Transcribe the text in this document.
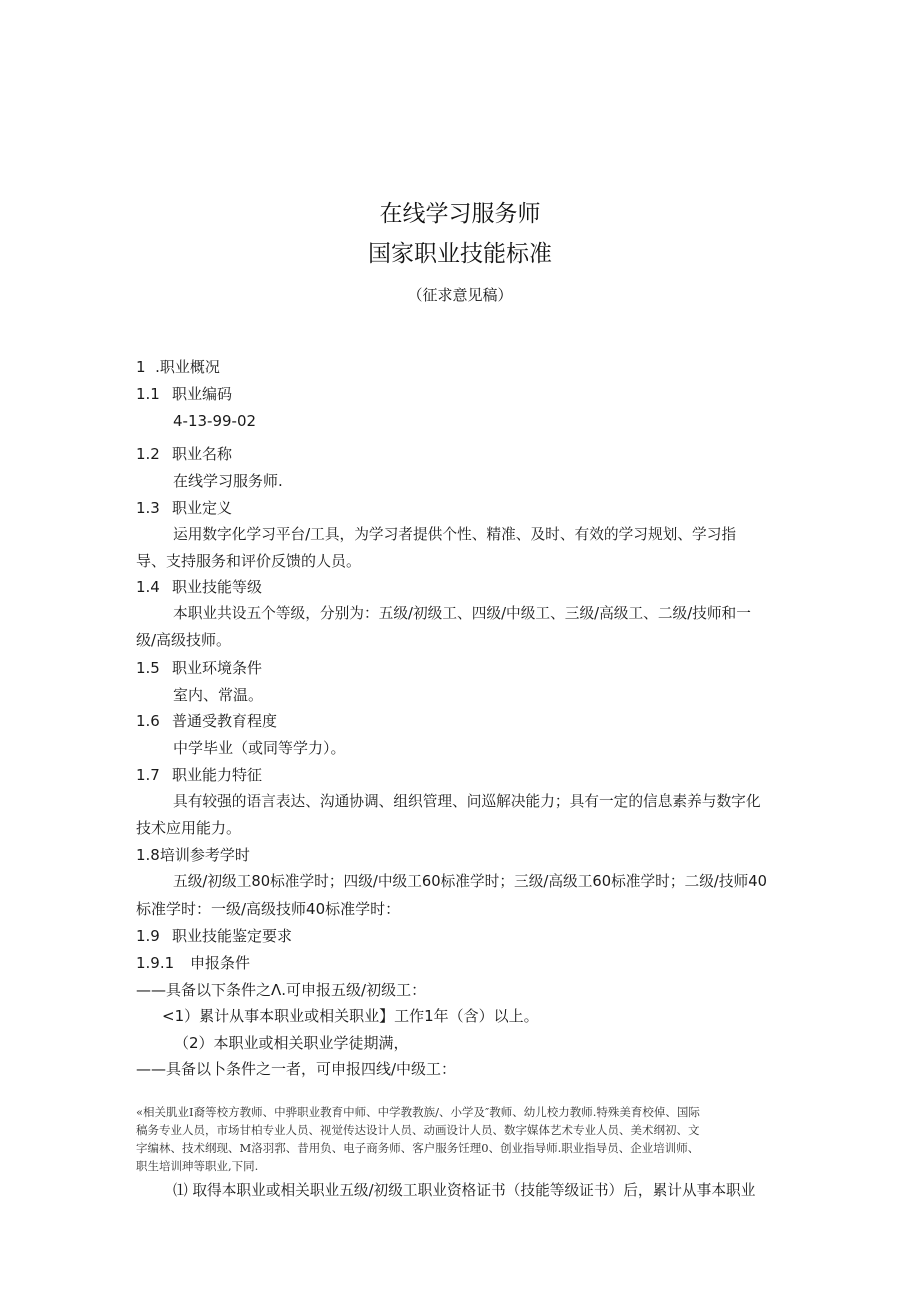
在线学习服务师
国家职业技能标准
（征求意见稿）
1  .职业概况
1.1 职业编码
4-13-99-02
1.2 职业名称
在线学习服务师.
1.3 职业定义
运用数字化学习平台/工具，为学习者提供个性、精准、及时、有效的学习规划、学习指
导、支持服务和评价反馈的人员。
1.4 职业技能等级
本职业共设五个等级，分别为：五级/初级工、四级/中级工、三级/高级工、二级/技师和一
级/高级技师。
1.5 职业环境条件
室内、常温。
1.6 普通受教育程度
中学毕业（或同等学力）。
1.7 职业能力特征
具有较强的语言表达、沟通协调、组织管理、问巡解决能力；具有一定的信息素养与数字化
技术应用能力。
1.8培训参考学时
五级/初级工80标准学时；四级/中级工60标准学时；三级/高级工60标准学时；二级/技师40
标准学时：一级/高级技师40标准学时：
1.9 职业技能鉴定要求
1.9.1 申报条件
——具备以下条件之Λ.可申报五级/初级工：
<1）累计从事本职业或相关职业】工作1年（含）以上。
（2）本职业或相关职业学徒期满，
——具备以卜条件之一者，可申报四线/中级工：
«相关肌业Ⅰ裔等校方教师、中骅职业教育中师、中学教教族/、小学及″教师、幼儿校力教师.特殊美育校倬、国际
稿务专业人员，市场甘柏专业人员、视觉传达设计人员、动画设计人员、数字媒体艺术专业人员、美术纲初、文
字编林、技术纲现、M洛羽郛、昔用负、电子商务师、客户服务饪理0、创业指导师.职业指导员、企业培训师、
职生培训珅等职业,下同.
⑴ 取得本职业或相关职业五级/初级工职业资格证书（技能等级证书）后，累计从事本职业
